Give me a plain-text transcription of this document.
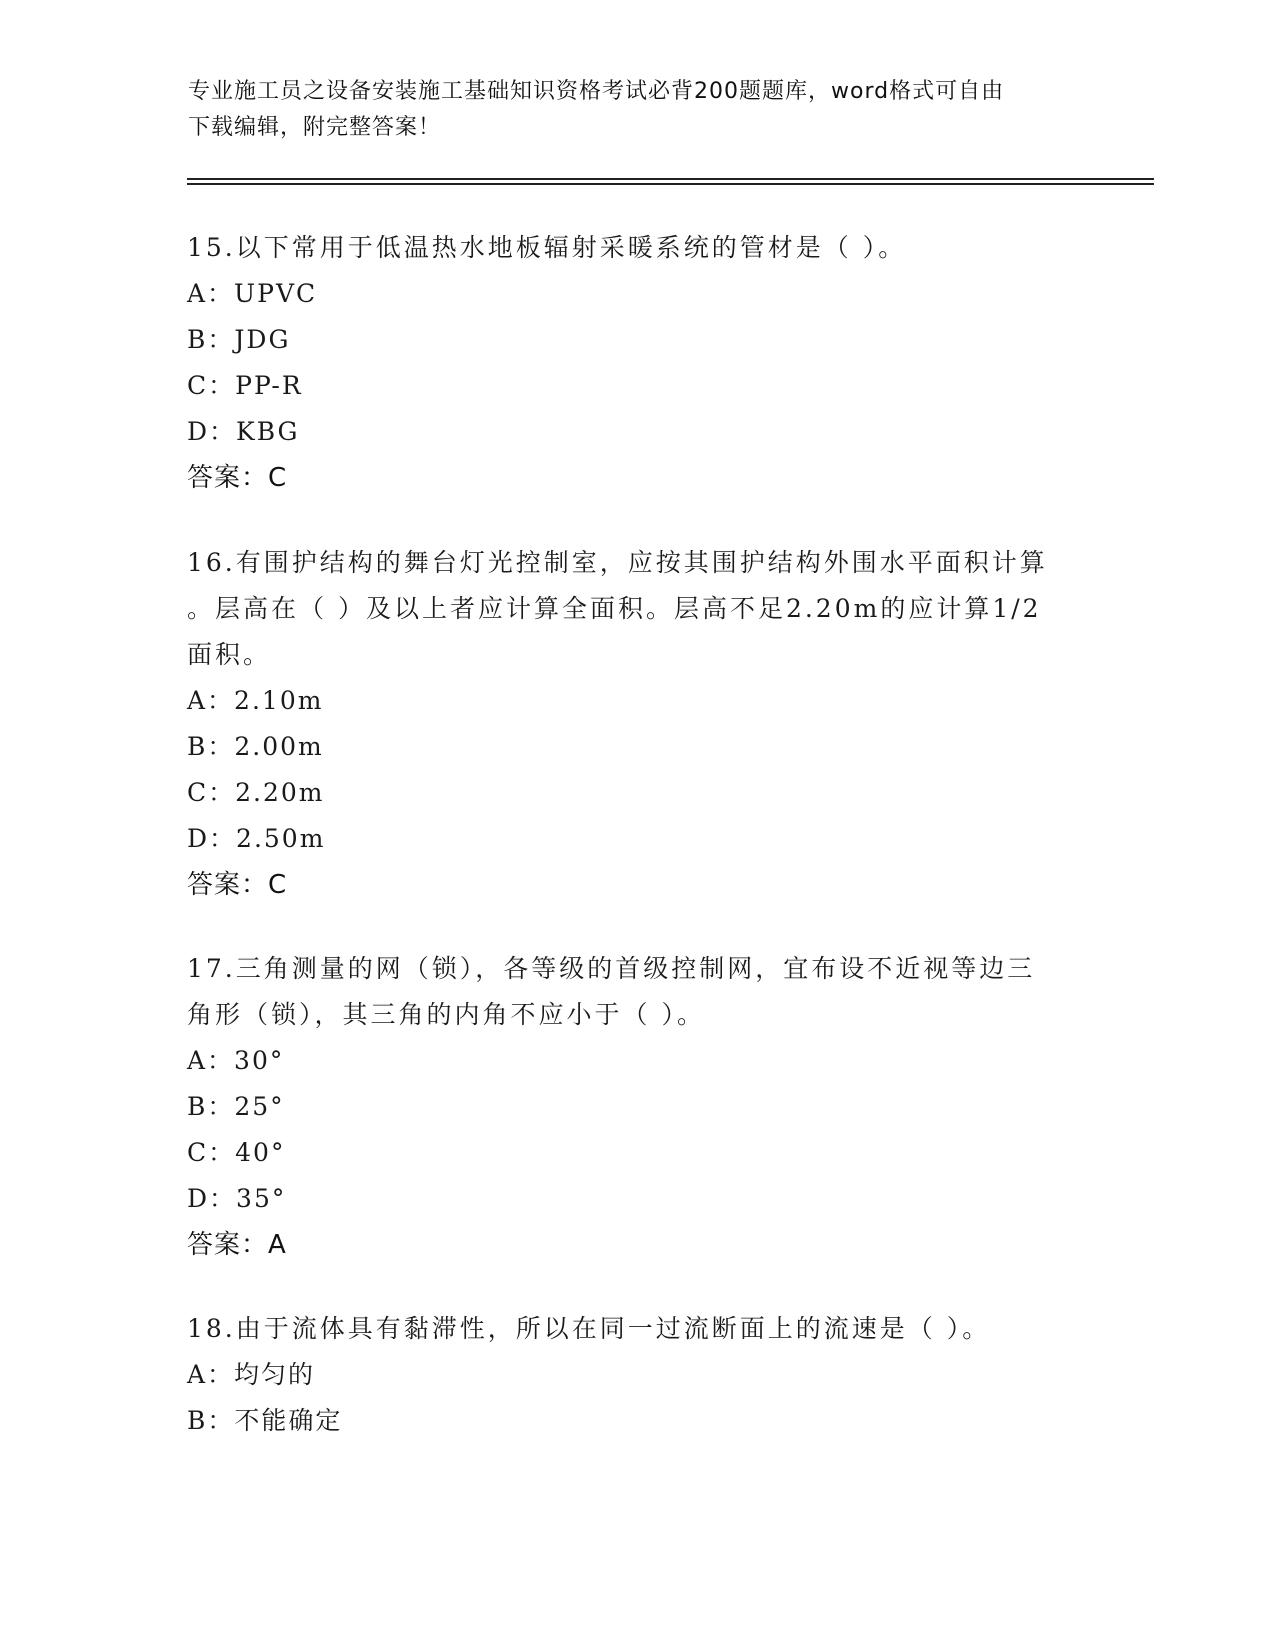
专业施工员之设备安装施工基础知识资格考试必背200题题库，word格式可自由
下载编辑，附完整答案！

15.以下常用于低温热水地板辐射采暖系统的管材是（ ）。

A：UPVC

B：JDG

C：PP-R

D：KBG

答案：C

16.有围护结构的舞台灯光控制室，应按其围护结构外围水平面积计算

。层高在（ ）及以上者应计算全面积。层高不足2.20m的应计算1/2

面积。

A：2.10m

B：2.00m

C：2.20m

D：2.50m

答案：C

17.三角测量的网（锁），各等级的首级控制网，宜布设不近视等边三

角形（锁），其三角的内角不应小于（ ）。

A：30°

B：25°

C：40°

D：35°

答案：A

18.由于流体具有黏滞性，所以在同一过流断面上的流速是（ ）。

A：均匀的

B：不能确定
